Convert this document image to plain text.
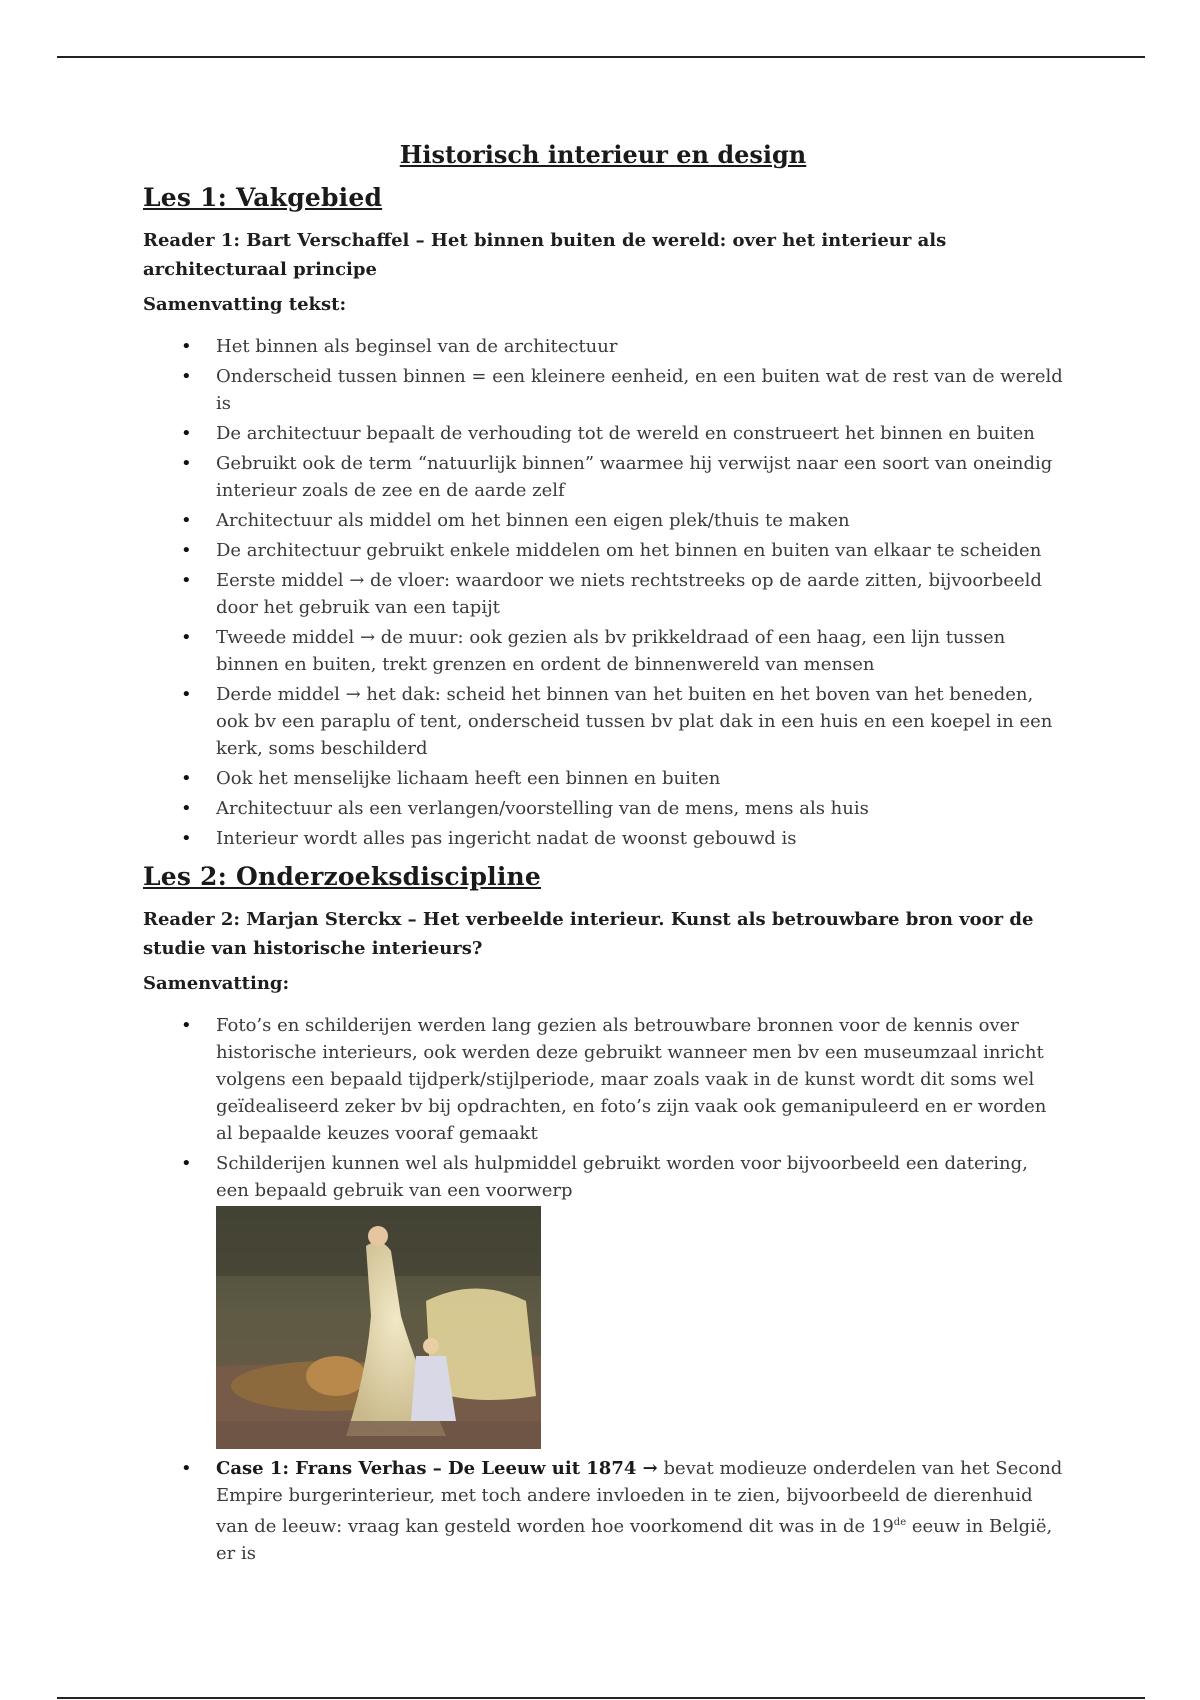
Historisch interieur en design
Les 1: Vakgebied
Reader 1: Bart Verschaffel – Het binnen buiten de wereld: over het interieur als architecturaal principe
Samenvatting tekst:
• Het binnen als beginsel van de architectuur
• Onderscheid tussen binnen = een kleinere eenheid, en een buiten wat de rest van de wereld is
• De architectuur bepaalt de verhouding tot de wereld en construeert het binnen en buiten
• Gebruikt ook de term “natuurlijk binnen” waarmee hij verwijst naar een soort van oneindig interieur zoals de zee en de aarde zelf
• Architectuur als middel om het binnen een eigen plek/thuis te maken
• De architectuur gebruikt enkele middelen om het binnen en buiten van elkaar te scheiden
• Eerste middel → de vloer: waardoor we niets rechtstreeks op de aarde zitten, bijvoorbeeld door het gebruik van een tapijt
• Tweede middel → de muur: ook gezien als bv prikkeldraad of een haag, een lijn tussen binnen en buiten, trekt grenzen en ordent de binnenwereld van mensen
• Derde middel → het dak: scheid het binnen van het buiten en het boven van het beneden, ook bv een paraplu of tent, onderscheid tussen bv plat dak in een huis en een koepel in een kerk, soms beschilderd
• Ook het menselijke lichaam heeft een binnen en buiten
• Architectuur als een verlangen/voorstelling van de mens, mens als huis
• Interieur wordt alles pas ingericht nadat de woonst gebouwd is
Les 2: Onderzoeksdiscipline
Reader 2: Marjan Sterckx – Het verbeelde interieur. Kunst als betrouwbare bron voor de studie van historische interieurs?
Samenvatting:
• Foto’s en schilderijen werden lang gezien als betrouwbare bronnen voor de kennis over historische interieurs, ook werden deze gebruikt wanneer men bv een museumzaal inricht volgens een bepaald tijdperk/stijlperiode, maar zoals vaak in de kunst wordt dit soms wel geïdealiseerd zeker bv bij opdrachten, en foto’s zijn vaak ook gemanipuleerd en er worden al bepaalde keuzes vooraf gemaakt
• Schilderijen kunnen wel als hulpmiddel gebruikt worden voor bijvoorbeeld een datering, een bepaald gebruik van een voorwerp
• Case 1: Frans Verhas – De Leeuw uit 1874 → bevat modieuze onderdelen van het Second Empire burgerinterieur, met toch andere invloeden in te zien, bijvoorbeeld de dierenhuid van de leeuw: vraag kan gesteld worden hoe voorkomend dit was in de 19de eeuw in België, er is
